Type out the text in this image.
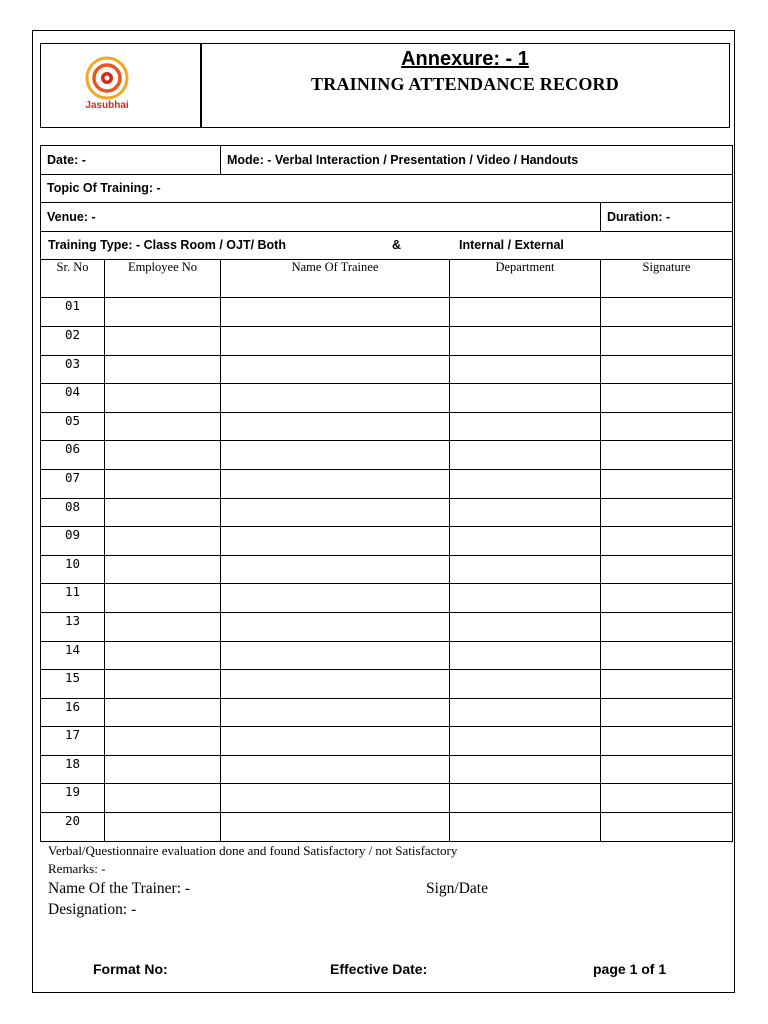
Jasubhai
Annexure: - 1
TRAINING ATTENDANCE RECORD
Date: -		Mode: - Verbal Interaction / Presentation / Video / Handouts		
Topic Of Training: -				
Venue: -				Duration: -

Training Type: - Class Room / OJT/ Both & Internal / External				

Sr. No	Employee No	Name Of Trainee	Department	Signature
01				
02				
03				
04				
05				
06				
07				
08				
09				
10				
11				
13				
14				
15				
16				
17				
18				
19				
20				
Verbal/Questionnaire evaluation done and found Satisfactory / not Satisfactory
Remarks: -
Name Of the Trainer: -	Sign/Date
Designation: -
Format No:	Effective Date:	page 1 of 1
